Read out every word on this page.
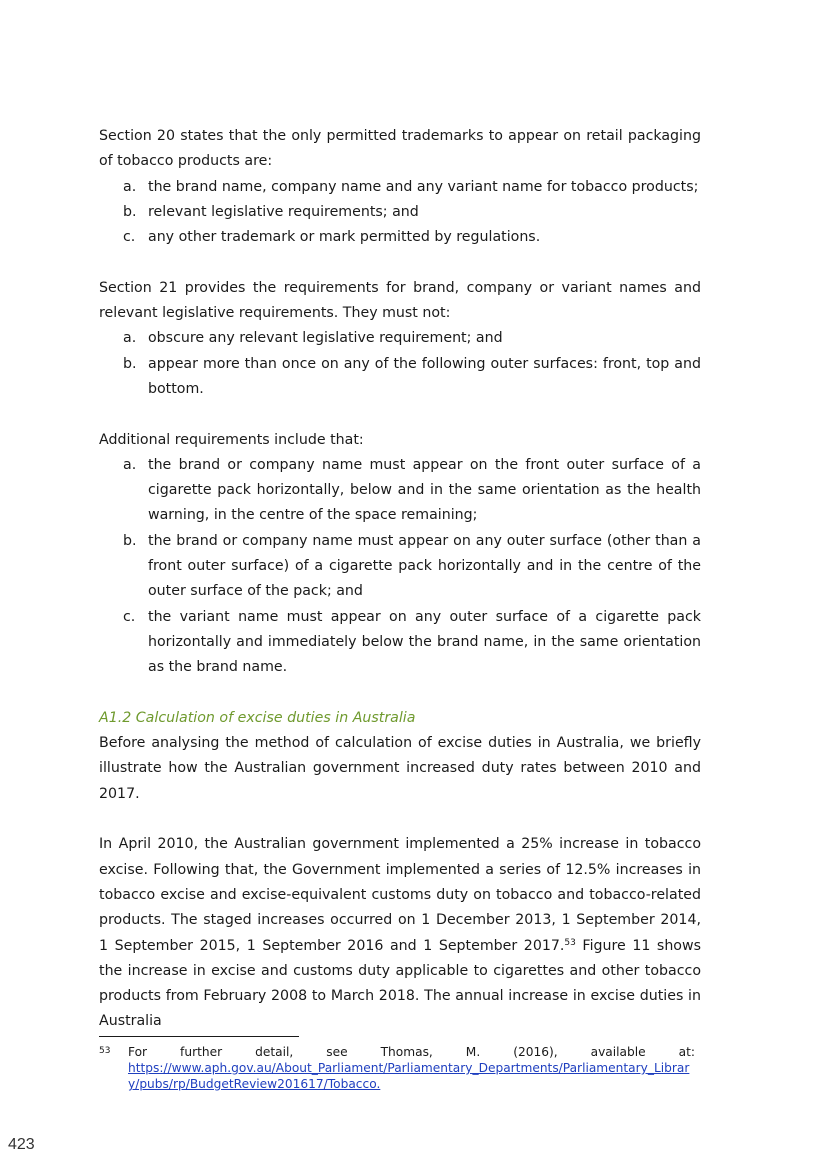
Section 20 states that the only permitted trademarks to appear on retail packaging of tobacco products are:

a. the brand name, company name and any variant name for tobacco products;
b. relevant legislative requirements; and
c. any other trademark or mark permitted by regulations.

Section 21 provides the requirements for brand, company or variant names and relevant legislative requirements. They must not:

a. obscure any relevant legislative requirement; and
b. appear more than once on any of the following outer surfaces: front, top and bottom.

Additional requirements include that:

a. the brand or company name must appear on the front outer surface of a cigarette pack horizontally, below and in the same orientation as the health warning, in the centre of the space remaining;
b. the brand or company name must appear on any outer surface (other than a front outer surface) of a cigarette pack horizontally and in the centre of the outer surface of the pack; and
c. the variant name must appear on any outer surface of a cigarette pack horizontally and immediately below the brand name, in the same orientation as the brand name.

A1.2 Calculation of excise duties in Australia

Before analysing the method of calculation of excise duties in Australia, we briefly illustrate how the Australian government increased duty rates between 2010 and 2017.

In April 2010, the Australian government implemented a 25% increase in tobacco excise. Following that, the Government implemented a series of 12.5% increases in tobacco excise and excise-equivalent customs duty on tobacco and tobacco-related products. The staged increases occurred on 1 December 2013, 1 September 2014, 1 September 2015, 1 September 2016 and 1 September 2017.53 Figure 11 shows the increase in excise and customs duty applicable to cigarettes and other tobacco products from February 2008 to March 2018. The annual increase in excise duties in Australia

53 For further detail, see Thomas, M. (2016), available at:
https://www.aph.gov.au/About_Parliament/Parliamentary_Departments/Parliamentary_Library/pubs/rp/BudgetReview201617/Tobacco.
423
